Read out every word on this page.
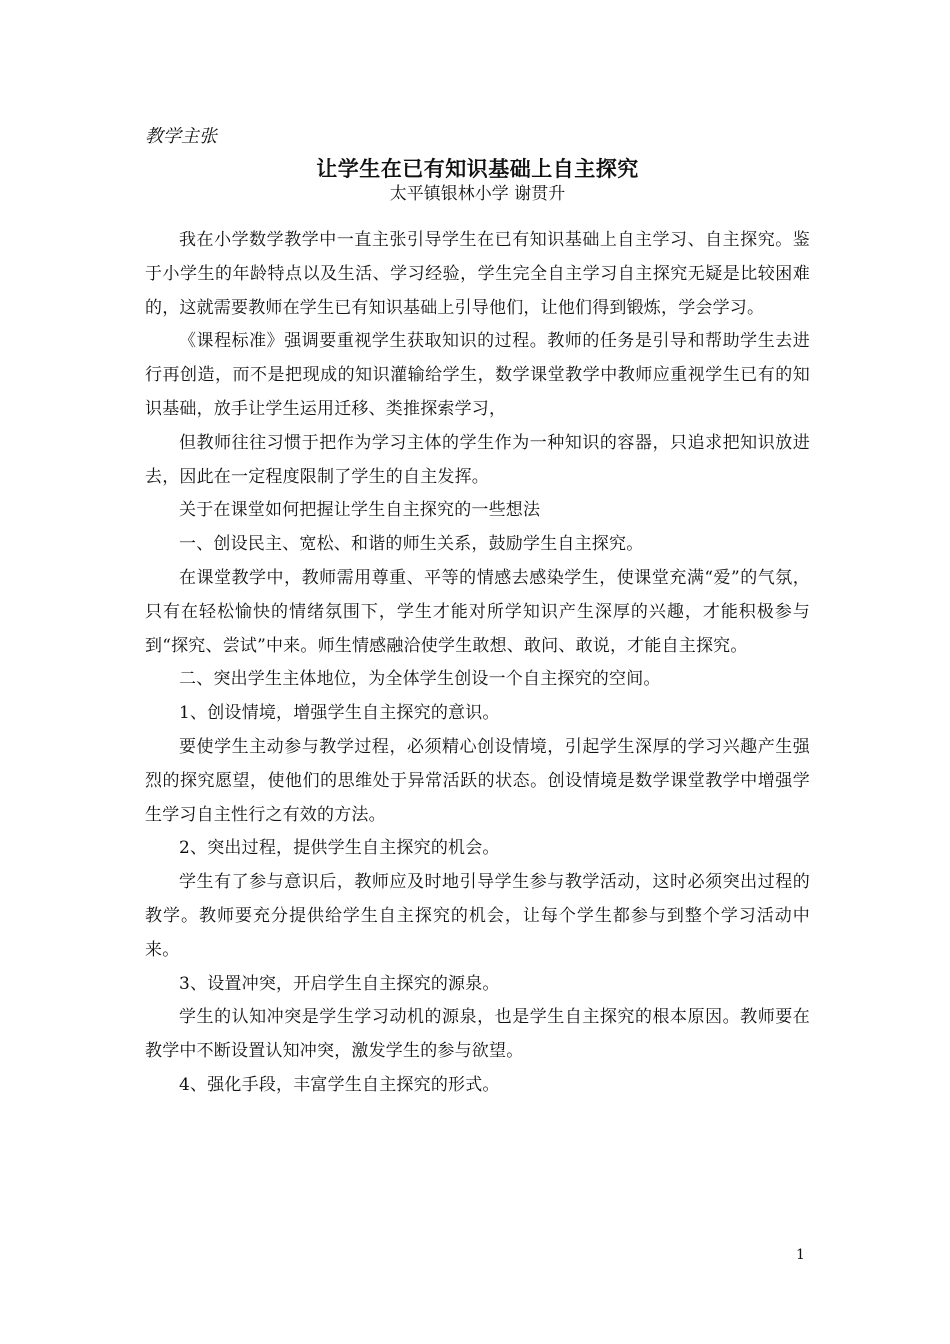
教学主张

让学生在已有知识基础上自主探究

太平镇银林小学 谢贯升

我在小学数学教学中一直主张引导学生在已有知识基础上自主学习、自主探究。鉴于小学生的年龄特点以及生活、学习经验，学生完全自主学习自主探究无疑是比较困难的，这就需要教师在学生已有知识基础上引导他们，让他们得到锻炼，学会学习。

《课程标准》强调要重视学生获取知识的过程。教师的任务是引导和帮助学生去进行再创造，而不是把现成的知识灌输给学生，数学课堂教学中教师应重视学生已有的知识基础，放手让学生运用迁移、类推探索学习，

但教师往往习惯于把作为学习主体的学生作为一种知识的容器，只追求把知识放进去，因此在一定程度限制了学生的自主发挥。

关于在课堂如何把握让学生自主探究的一些想法

一、创设民主、宽松、和谐的师生关系，鼓励学生自主探究。

在课堂教学中，教师需用尊重、平等的情感去感染学生，使课堂充满“爱”的气氛，只有在轻松愉快的情绪氛围下，学生才能对所学知识产生深厚的兴趣，才能积极参与到“探究、尝试”中来。师生情感融洽使学生敢想、敢问、敢说，才能自主探究。

二、突出学生主体地位，为全体学生创设一个自主探究的空间。

1、创设情境，增强学生自主探究的意识。

要使学生主动参与教学过程，必须精心创设情境，引起学生深厚的学习兴趣产生强烈的探究愿望，使他们的思维处于异常活跃的状态。创设情境是数学课堂教学中增强学生学习自主性行之有效的方法。

2、突出过程，提供学生自主探究的机会。

学生有了参与意识后，教师应及时地引导学生参与教学活动，这时必须突出过程的教学。教师要充分提供给学生自主探究的机会，让每个学生都参与到整个学习活动中来。

3、设置冲突，开启学生自主探究的源泉。

学生的认知冲突是学生学习动机的源泉，也是学生自主探究的根本原因。教师要在教学中不断设置认知冲突，激发学生的参与欲望。

4、强化手段，丰富学生自主探究的形式。

1
